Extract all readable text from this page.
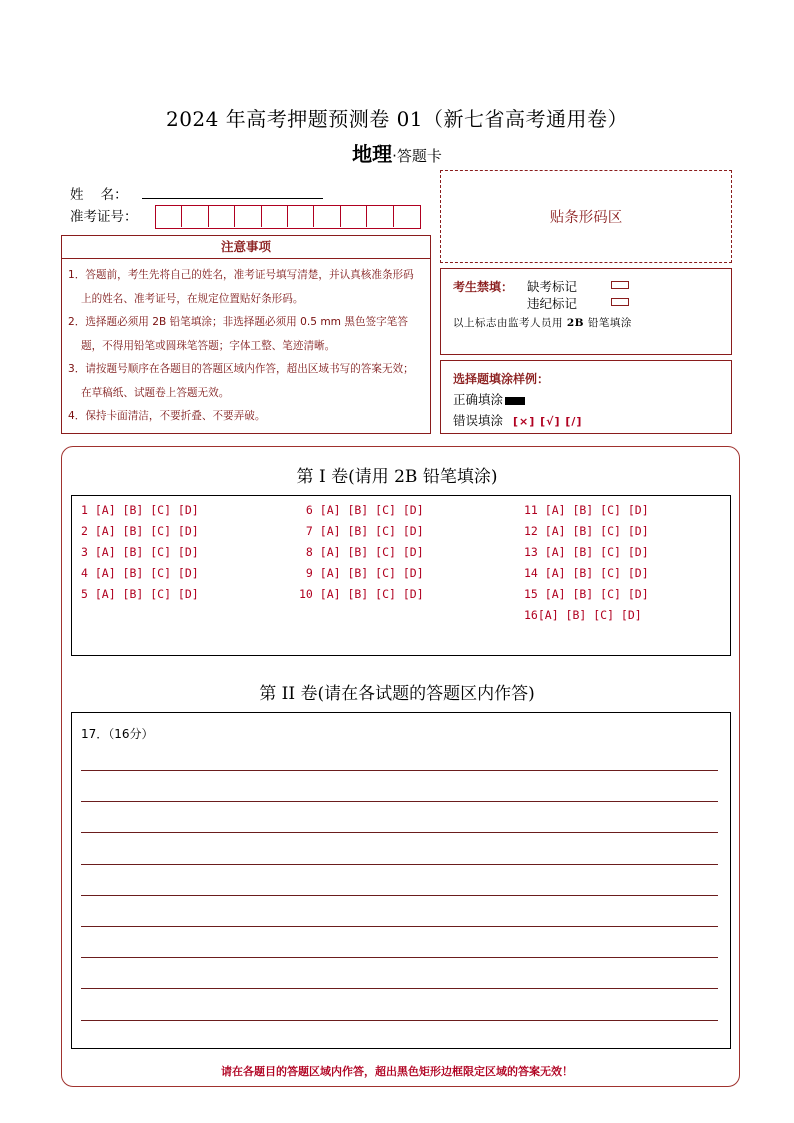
2024 年高考押题预测卷 01（新七省高考通用卷）
地理·答题卡
姓    名：
准考证号：
注意事项
1．答题前，考生先将自己的姓名，准考证号填写清楚，并认真核准条形码上的姓名、准考证号，在规定位置贴好条形码。
2．选择题必须用 2B 铅笔填涂；非选择题必须用 0.5 mm 黑色签字笔答题，不得用铅笔或圆珠笔答题；字体工整、笔迹清晰。
3．请按题号顺序在各题目的答题区域内作答，超出区域书写的答案无效；在草稿纸、试题卷上答题无效。
4．保持卡面清洁，不要折叠、不要弄破。
贴条形码区
考生禁填： 缺考标记
违纪标记
以上标志由监考人员用 2B 铅笔填涂
选择题填涂样例：
正确填涂
错误填涂 [×] [√] [/]
第 I 卷(请用 2B 铅笔填涂)
1 [A] [B] [C] [D]
2 [A] [B] [C] [D]
3 [A] [B] [C] [D]
4 [A] [B] [C] [D]
5 [A] [B] [C] [D]
6 [A] [B] [C] [D]
7 [A] [B] [C] [D]
8 [A] [B] [C] [D]
9 [A] [B] [C] [D]
10 [A] [B] [C] [D]
11 [A] [B] [C] [D]
12 [A] [B] [C] [D]
13 [A] [B] [C] [D]
14 [A] [B] [C] [D]
15 [A] [B] [C] [D]
16[A] [B] [C] [D]
第 II 卷(请在各试题的答题区内作答)
17．（16分）
请在各题目的答题区域内作答，超出黑色矩形边框限定区域的答案无效！
